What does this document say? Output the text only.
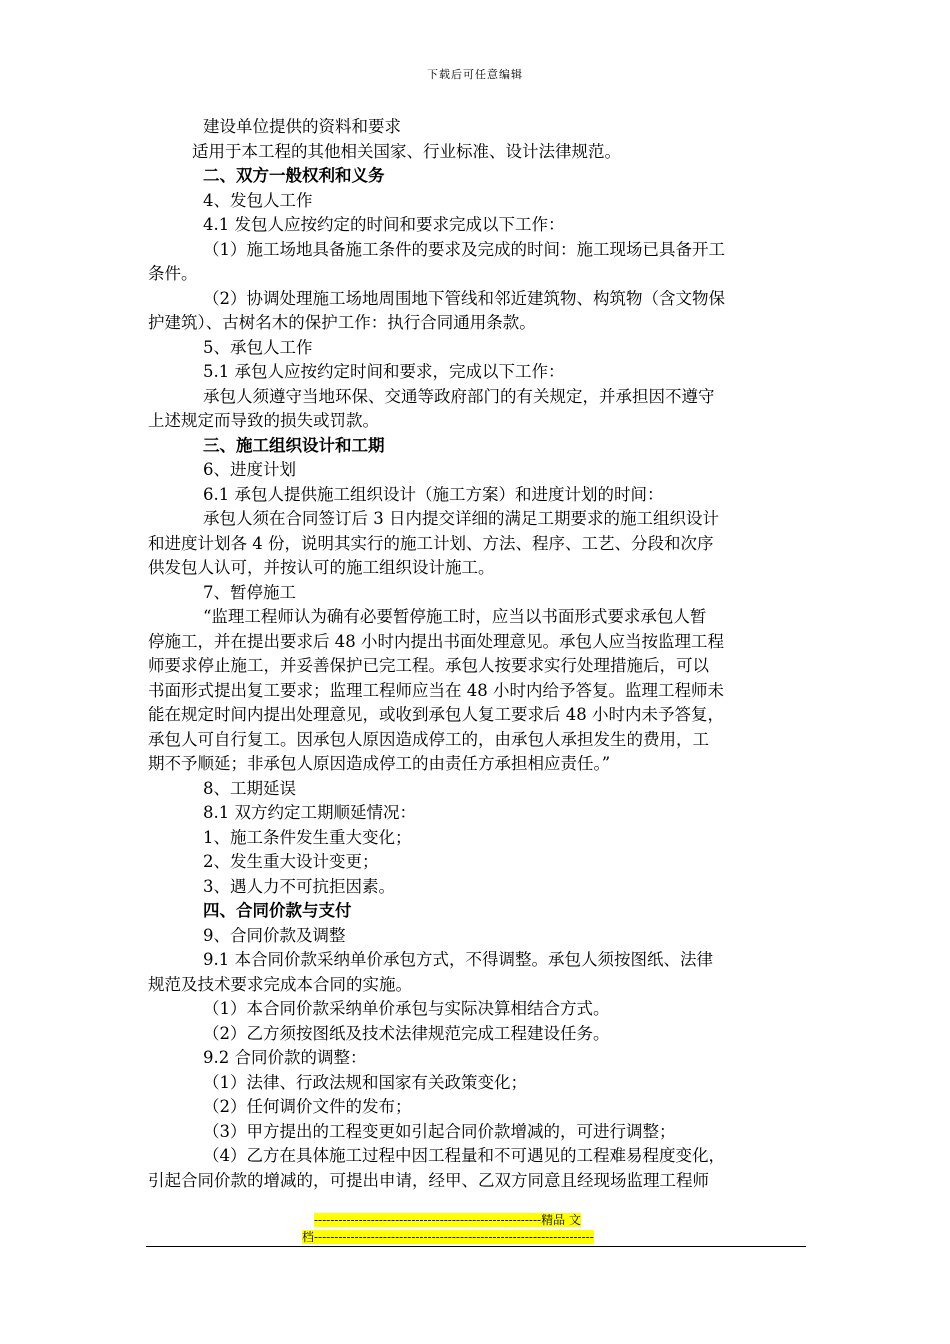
下载后可任意编辑
建设单位提供的资料和要求
适用于本工程的其他相关国家、行业标准、设计法律规范。
二、双方一般权利和义务
4、发包人工作
4.1 发包人应按约定的时间和要求完成以下工作：
（1）施工场地具备施工条件的要求及完成的时间：施工现场已具备开工
条件。
（2）协调处理施工场地周围地下管线和邻近建筑物、构筑物（含文物保
护建筑）、古树名木的保护工作：执行合同通用条款。
5、承包人工作
5.1 承包人应按约定时间和要求，完成以下工作：
承包人须遵守当地环保、交通等政府部门的有关规定，并承担因不遵守
上述规定而导致的损失或罚款。
三、施工组织设计和工期
6、进度计划
6.1 承包人提供施工组织设计（施工方案）和进度计划的时间：
承包人须在合同签订后 3 日内提交详细的满足工期要求的施工组织设计
和进度计划各 4 份，说明其实行的施工计划、方法、程序、工艺、分段和次序
供发包人认可，并按认可的施工组织设计施工。
7、暂停施工
“监理工程师认为确有必要暂停施工时，应当以书面形式要求承包人暂
停施工，并在提出要求后 48 小时内提出书面处理意见。承包人应当按监理工程
师要求停止施工，并妥善保护已完工程。承包人按要求实行处理措施后，可以
书面形式提出复工要求；监理工程师应当在 48 小时内给予答复。监理工程师未
能在规定时间内提出处理意见，或收到承包人复工要求后 48 小时内未予答复，
承包人可自行复工。因承包人原因造成停工的，由承包人承担发生的费用，工
期不予顺延；非承包人原因造成停工的由责任方承担相应责任。”
8、工期延误
8.1 双方约定工期顺延情况：
1、施工条件发生重大变化；
2、发生重大设计变更；
3、遇人力不可抗拒因素。
四、合同价款与支付
9、合同价款及调整
9.1 本合同价款采纳单价承包方式，不得调整。承包人须按图纸、法律
规范及技术要求完成本合同的实施。
（1）本合同价款采纳单价承包与实际决算相结合方式。
（2）乙方须按图纸及技术法律规范完成工程建设任务。
9.2 合同价款的调整：
（1）法律、行政法规和国家有关政策变化；
（2）任何调价文件的发布；
（3）甲方提出的工程变更如引起合同价款增减的，可进行调整；
（4）乙方在具体施工过程中因工程量和不可遇见的工程难易程度变化，
引起合同价款的增减的，可提出申请，经甲、乙双方同意且经现场监理工程师
--------------------------------------------------------精品 文
档---------------------------------------------------------------------
